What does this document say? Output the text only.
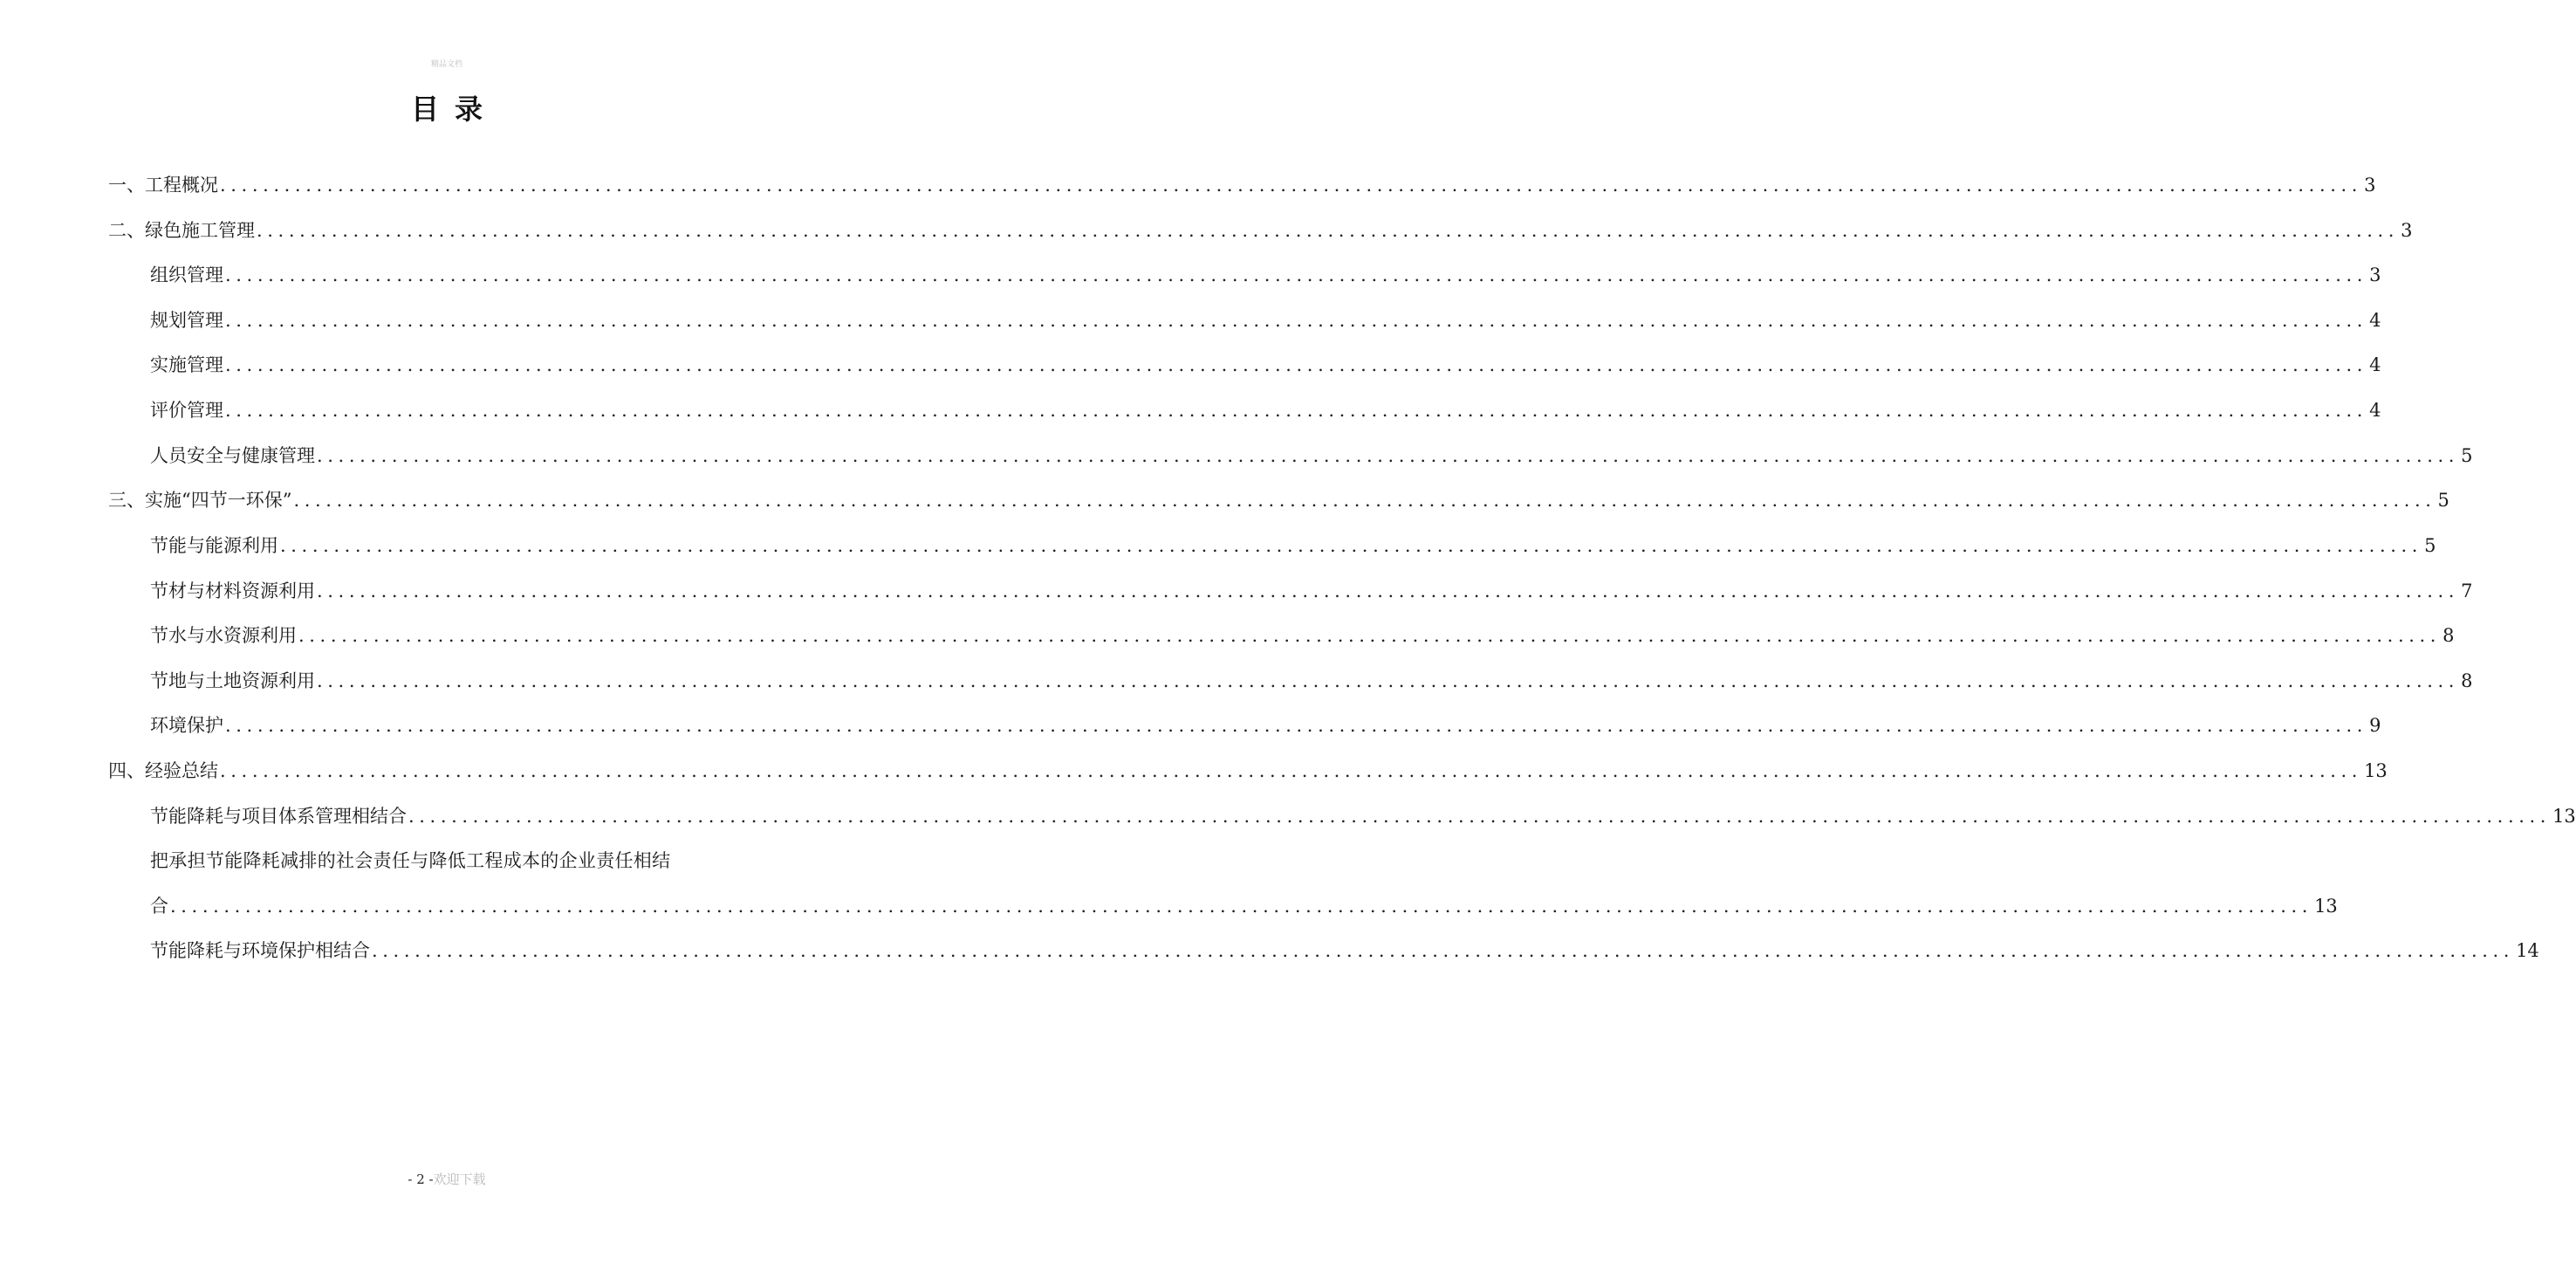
精品文档
目录
一、工程概况 ........................................................................................................................................................................................................ 3
二、绿色施工管理 ........................................................................................................................................................................................................ 3
组织管理 ........................................................................................................................................................................................................ 3
规划管理 ........................................................................................................................................................................................................ 4
实施管理 ........................................................................................................................................................................................................ 4
评价管理 ........................................................................................................................................................................................................ 4
人员安全与健康管理 ........................................................................................................................................................................................................ 5
三、实施“四节一环保” ........................................................................................................................................................................................................ 5
节能与能源利用 ........................................................................................................................................................................................................ 5
节材与材料资源利用 ........................................................................................................................................................................................................ 7
节水与水资源利用 ........................................................................................................................................................................................................ 8
节地与土地资源利用 ........................................................................................................................................................................................................ 8
环境保护 ........................................................................................................................................................................................................ 9
四、经验总结 ........................................................................................................................................................................................................ 13
节能降耗与项目体系管理相结合 ........................................................................................................................................................................................................ 13
把承担节能降耗减排的社会责任与降低工程成本的企业责任相结
合 ........................................................................................................................................................................................................ 13
节能降耗与环境保护相结合 ........................................................................................................................................................................................................ 14
- 2 -欢迎下载
